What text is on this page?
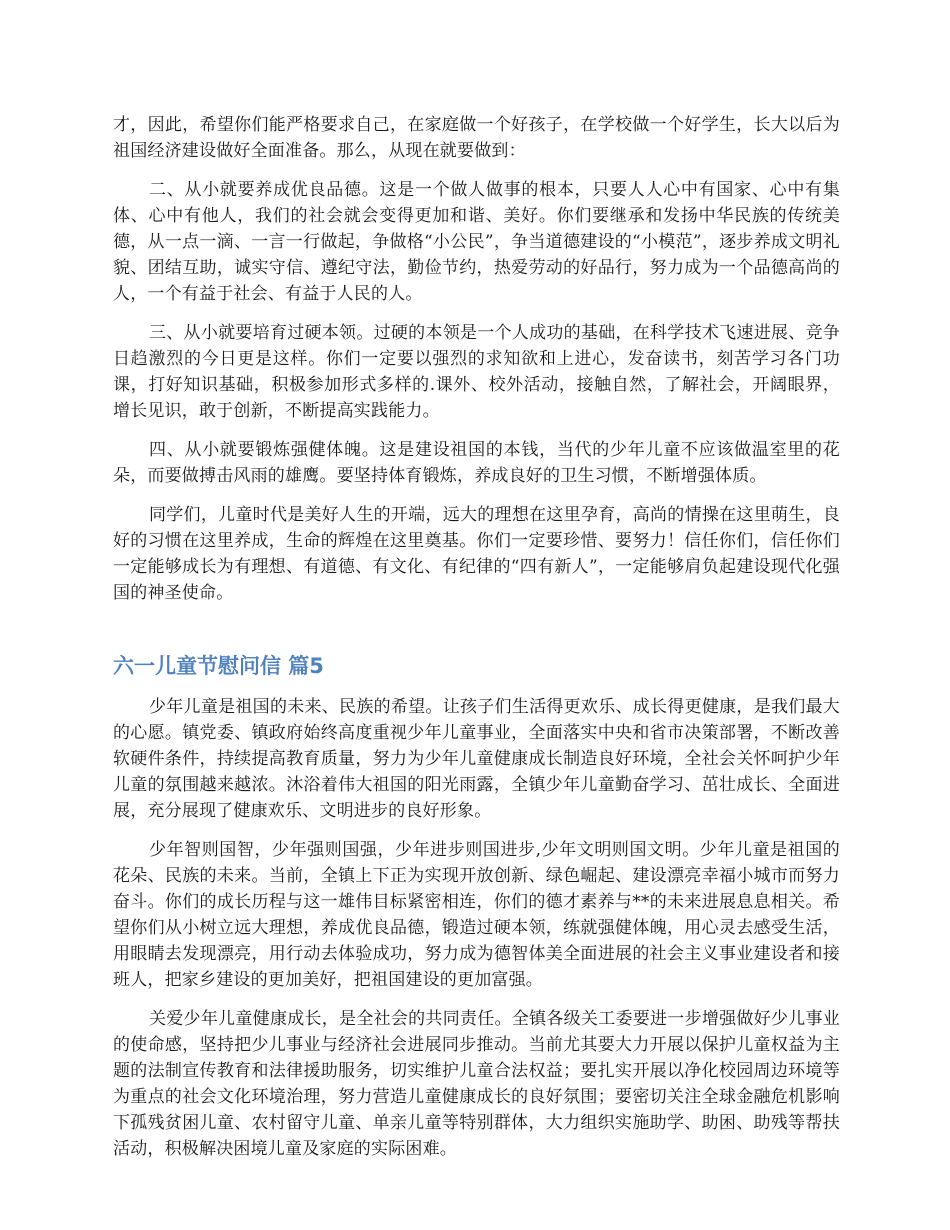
才，因此，希望你们能严格要求自己，在家庭做一个好孩子，在学校做一个好学生，长大以后为祖国经济建设做好全面准备。那么，从现在就要做到：

二、从小就要养成优良品德。这是一个做人做事的根本，只要人人心中有国家、心中有集体、心中有他人，我们的社会就会变得更加和谐、美好。你们要继承和发扬中华民族的传统美德，从一点一滴、一言一行做起，争做格“小公民”，争当道德建设的“小模范”，逐步养成文明礼貌、团结互助，诚实守信、遵纪守法，勤俭节约，热爱劳动的好品行，努力成为一个品德高尚的人，一个有益于社会、有益于人民的人。

三、从小就要培育过硬本领。过硬的本领是一个人成功的基础，在科学技术飞速进展、竞争日趋激烈的今日更是这样。你们一定要以强烈的求知欲和上进心，发奋读书，刻苦学习各门功课，打好知识基础，积极参加形式多样的.课外、校外活动，接触自然，了解社会，开阔眼界，增长见识，敢于创新，不断提高实践能力。

四、从小就要锻炼强健体魄。这是建设祖国的本钱，当代的少年儿童不应该做温室里的花朵，而要做搏击风雨的雄鹰。要坚持体育锻炼，养成良好的卫生习惯，不断增强体质。

同学们，儿童时代是美好人生的开端，远大的理想在这里孕育，高尚的情操在这里萌生，良好的习惯在这里养成，生命的辉煌在这里奠基。你们一定要珍惜、要努力！信任你们，信任你们一定能够成长为有理想、有道德、有文化、有纪律的“四有新人”，一定能够肩负起建设现代化强国的神圣使命。

六一儿童节慰问信 篇5

少年儿童是祖国的未来、民族的希望。让孩子们生活得更欢乐、成长得更健康，是我们最大的心愿。镇党委、镇政府始终高度重视少年儿童事业，全面落实中央和省市决策部署，不断改善软硬件条件，持续提高教育质量，努力为少年儿童健康成长制造良好环境，全社会关怀呵护少年儿童的氛围越来越浓。沐浴着伟大祖国的阳光雨露，全镇少年儿童勤奋学习、茁壮成长、全面进展，充分展现了健康欢乐、文明进步的良好形象。

少年智则国智，少年强则国强，少年进步则国进步,少年文明则国文明。少年儿童是祖国的花朵、民族的未来。当前，全镇上下正为实现开放创新、绿色崛起、建设漂亮幸福小城市而努力奋斗。你们的成长历程与这一雄伟目标紧密相连，你们的德才素养与**的未来进展息息相关。希望你们从小树立远大理想，养成优良品德，锻造过硬本领，练就强健体魄，用心灵去感受生活，用眼睛去发现漂亮，用行动去体验成功，努力成为德智体美全面进展的社会主义事业建设者和接班人，把家乡建设的更加美好，把祖国建设的更加富强。

关爱少年儿童健康成长，是全社会的共同责任。全镇各级关工委要进一步增强做好少儿事业的使命感，坚持把少儿事业与经济社会进展同步推动。当前尤其要大力开展以保护儿童权益为主题的法制宣传教育和法律援助服务，切实维护儿童合法权益；要扎实开展以净化校园周边环境等为重点的社会文化环境治理，努力营造儿童健康成长的良好氛围；要密切关注全球金融危机影响下孤残贫困儿童、农村留守儿童、单亲儿童等特别群体，大力组织实施助学、助困、助残等帮扶活动，积极解决困境儿童及家庭的实际困难。
